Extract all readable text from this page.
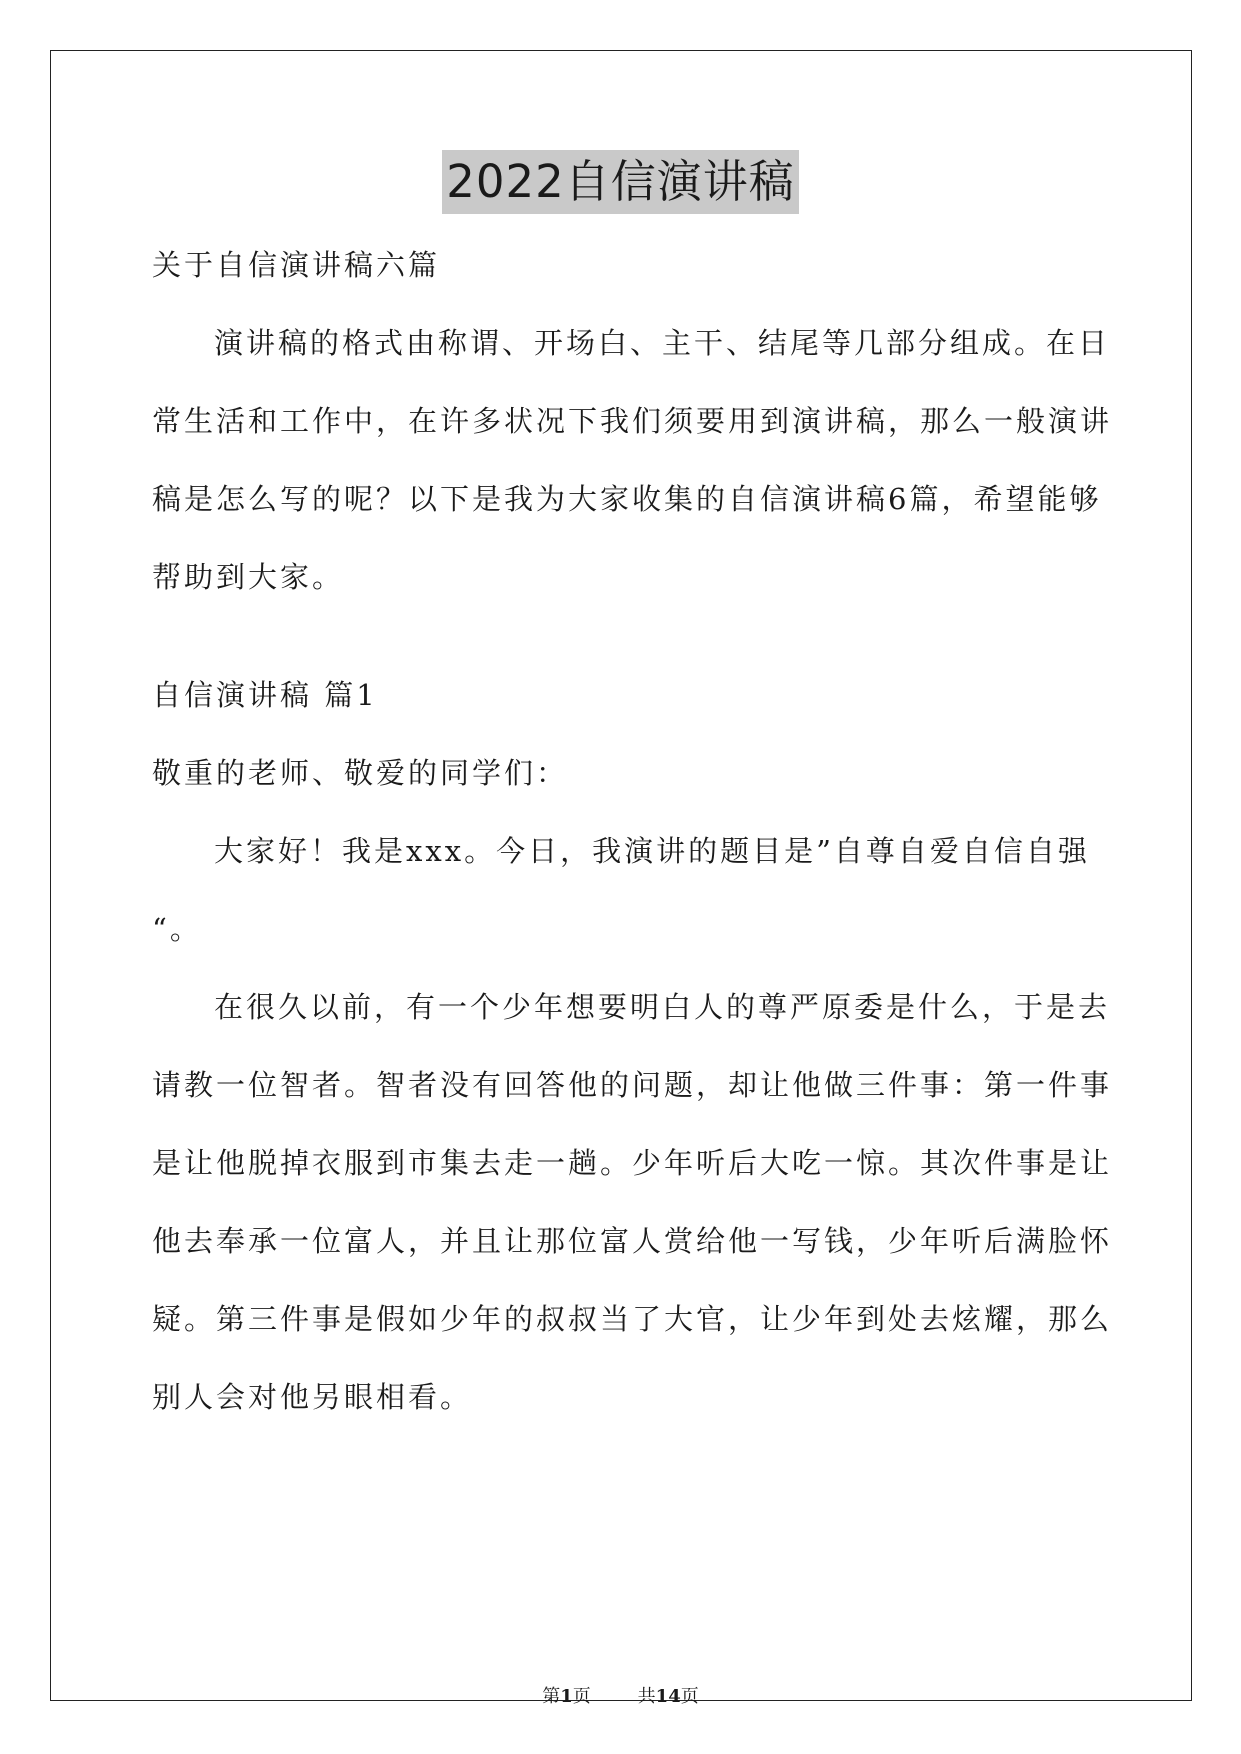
2022自信演讲稿
关于自信演讲稿六篇
演讲稿的格式由称谓、开场白、主干、结尾等几部分组成。在日
常生活和工作中，在许多状况下我们须要用到演讲稿，那么一般演讲
稿是怎么写的呢？以下是我为大家收集的自信演讲稿6篇，希望能够
帮助到大家。
自信演讲稿 篇1
敬重的老师、敬爱的同学们：
大家好！我是xxx。今日，我演讲的题目是”自尊自爱自信自强
“。
在很久以前，有一个少年想要明白人的尊严原委是什么，于是去
请教一位智者。智者没有回答他的问题，却让他做三件事：第一件事
是让他脱掉衣服到市集去走一趟。少年听后大吃一惊。其次件事是让
他去奉承一位富人，并且让那位富人赏给他一写钱，少年听后满脸怀
疑。第三件事是假如少年的叔叔当了大官，让少年到处去炫耀，那么
别人会对他另眼相看。
第1页	共14页
